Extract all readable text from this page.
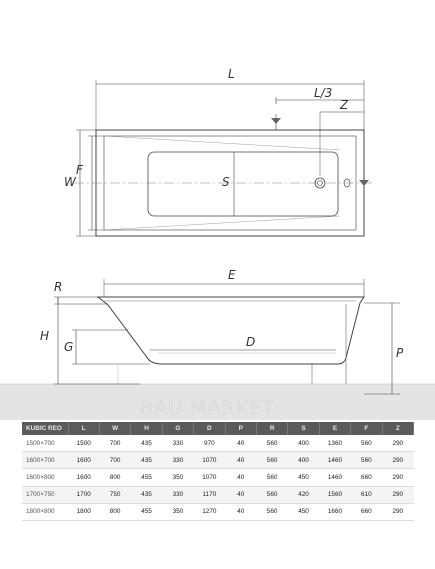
L
L/3
Z
W
F
S
E
D
R
H
G	P
BAU MARKET
KUBIC REO	L	W	H	G	D	P	R	S	E	F	Z
1500×700	1500	700	435	330	970	40	560	400	1360	560	290
1600×700	1600	700	435	330	1070	40	560	400	1460	560	290
1600×800	1600	800	455	350	1070	40	560	450	1460	660	290
1700×750	1700	750	435	330	1170	40	560	420	1560	610	290
1800×800	1800	800	455	350	1270	40	560	450	1660	660	290
